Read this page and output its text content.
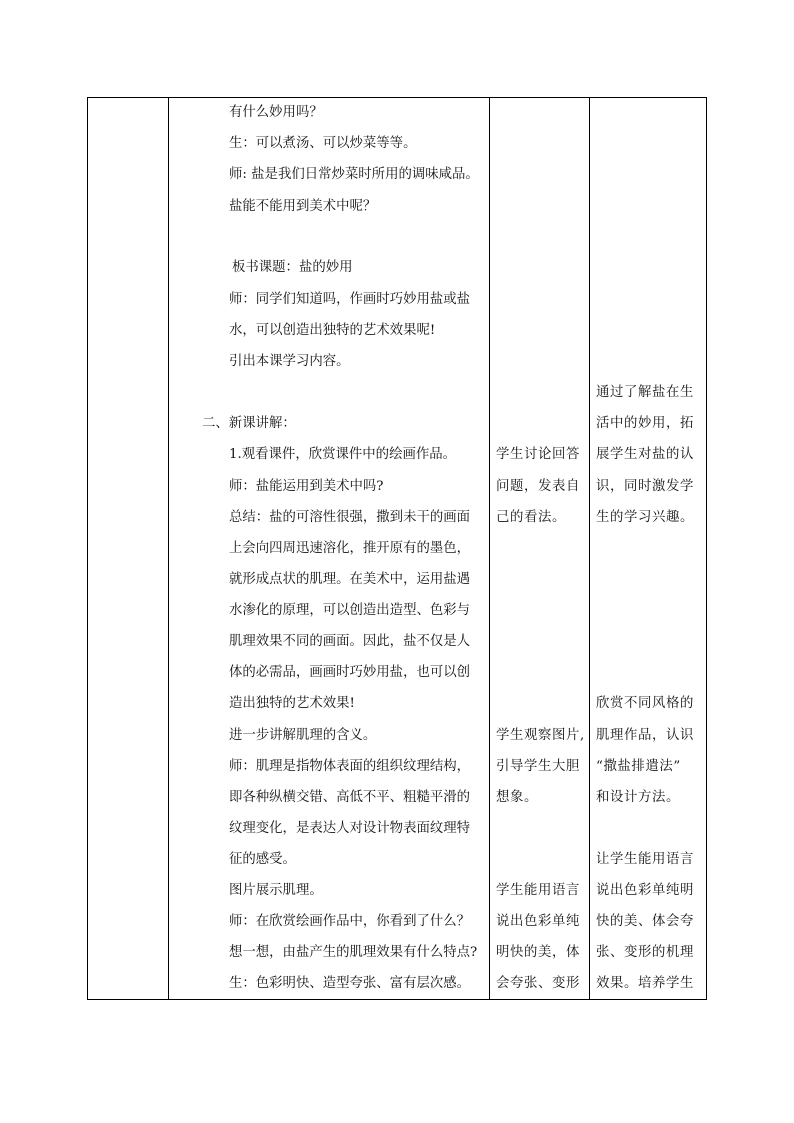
有什么妙用吗？
生：可以煮汤、可以炒菜等等。
师: 盐是我们日常炒菜时所用的调味咸品。
盐能不能用到美术中呢？
板书课题：盐的妙用
师：同学们知道吗，作画时巧妙用盐或盐
水，可以创造出独特的艺术效果呢!
引出本课学习内容。
二、新课讲解：
1.观看课件，欣赏课件中的绘画作品。
师：盐能运用到美术中吗?
总结：盐的可溶性很强，撒到未干的画面
上会向四周迅速溶化，推开原有的墨色，
就形成点状的肌理。在美术中，运用盐遇
水渗化的原理，可以创造出造型、色彩与
肌理效果不同的画面。因此，盐不仅是人
体的必需品，画画时巧妙用盐，也可以创
造出独特的艺术效果!
进一步讲解肌理的含义。
师：肌理是指物体表面的组织纹理结构，
即各种纵横交错、高低不平、粗糙平滑的
纹理变化，是表达人对设计物表面纹理特
征的感受。
图片展示肌理。
师：在欣赏绘画作品中，你看到了什么？
想一想，由盐产生的肌理效果有什么特点?
生：色彩明快、造型夸张、富有层次感。
学生讨论回答
问题，发表自
己的看法。
学生观察图片,
引导学生大胆
想象。
学生能用语言
说出色彩单纯
明快的美，体
会夸张、变形
通过了解盐在生
活中的妙用，拓
展学生对盐的认
识，同时激发学
生的学习兴趣。
欣赏不同风格的
肌理作品，认识
“撒盐排遣法”
和设计方法。
让学生能用语言
说出色彩单纯明
快的美、体会夸
张、变形的机理
效果。培养学生
